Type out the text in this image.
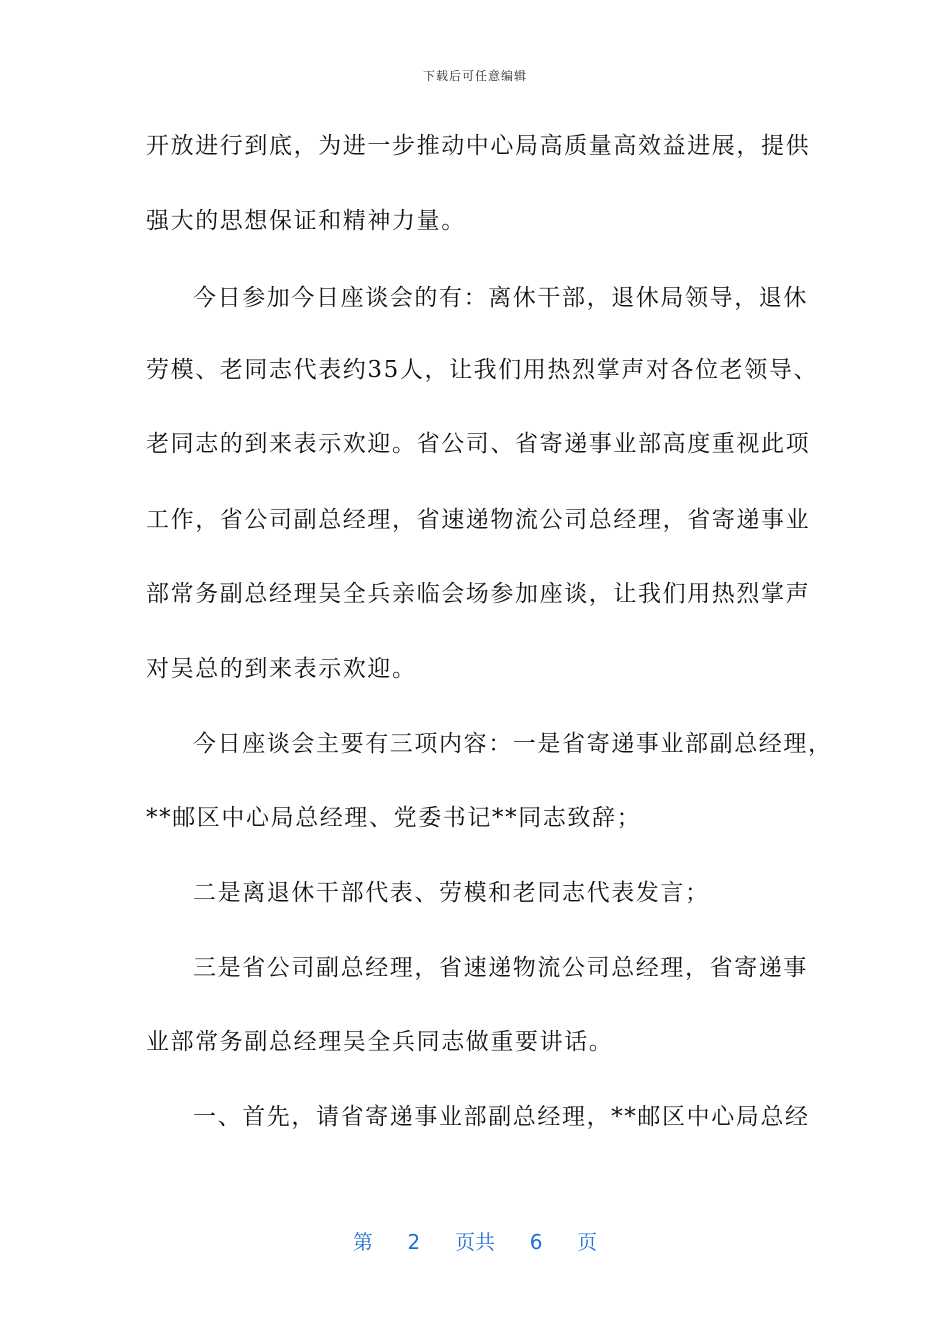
下载后可任意编辑
开放进行到底，为进一步推动中心局高质量高效益进展，提供
强大的思想保证和精神力量。
今日参加今日座谈会的有：离休干部，退休局领导，退休
劳模、老同志代表约35人，让我们用热烈掌声对各位老领导、
老同志的到来表示欢迎。省公司、省寄递事业部高度重视此项
工作，省公司副总经理，省速递物流公司总经理，省寄递事业
部常务副总经理吴全兵亲临会场参加座谈，让我们用热烈掌声
对吴总的到来表示欢迎。
今日座谈会主要有三项内容：一是省寄递事业部副总经理，
**邮区中心局总经理、党委书记**同志致辞；
二是离退休干部代表、劳模和老同志代表发言；
三是省公司副总经理，省速递物流公司总经理，省寄递事
业部常务副总经理吴全兵同志做重要讲话。
一、首先，请省寄递事业部副总经理，**邮区中心局总经
第 2 页共 6 页
